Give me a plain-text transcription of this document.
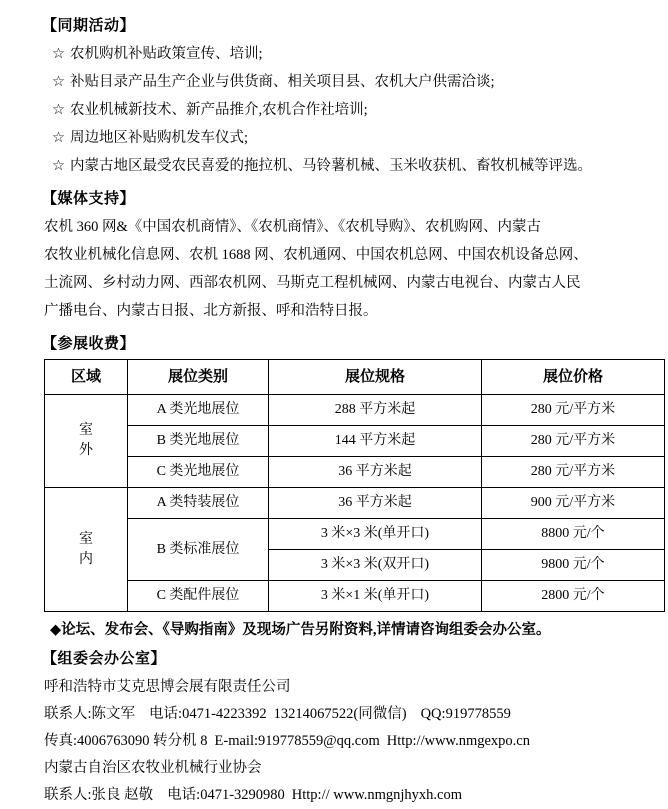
【同期活动】
☆ 农机购机补贴政策宣传、培训;
☆ 补贴目录产品生产企业与供货商、相关项目县、农机大户供需洽谈;
☆ 农业机械新技术、新产品推介,农机合作社培训;
☆ 周边地区补贴购机发车仪式;
☆ 内蒙古地区最受农民喜爱的拖拉机、马铃薯机械、玉米收获机、畜牧机械等评选。
【媒体支持】
农机 360 网&《中国农机商情》、《农机商情》、《农机导购》、农机购网、内蒙古
农牧业机械化信息网、农机 1688 网、农机通网、中国农机总网、中国农机设备总网、
土流网、乡村动力网、西部农机网、马斯克工程机械网、内蒙古电视台、内蒙古人民
广播电台、内蒙古日报、北方新报、呼和浩特日报。
【参展收费】
区域	展位类别	展位规格	展位价格

室
外	A 类光地展位	288 平方米起	280 元/平方米
	B 类光地展位	144 平方米起	280 元/平方米
	C 类光地展位	36 平方米起	280 元/平方米

室
内	A 类特装展位	36 平方米起	900 元/平方米
	B 类标准展位	3 米×3 米(单开口)	8800 元/个
		3 米×3 米(双开口)	9800 元/个
	C 类配件展位	3 米×1 米(单开口)	2800 元/个
◆论坛、发布会、《导购指南》及现场广告另附资料,详情请咨询组委会办公室。
【组委会办公室】
呼和浩特市艾克思博会展有限责任公司
联系人:陈文军 电话:0471-4223392 13214067522(同微信) QQ:919778559
传真:4006763090 转分机 8 E-mail:919778559@qq.com Http://www.nmgexpo.cn
内蒙古自治区农牧业机械行业协会
联系人:张良 赵敬 电话:0471-3290980 Http:// www.nmgnjhyxh.com
